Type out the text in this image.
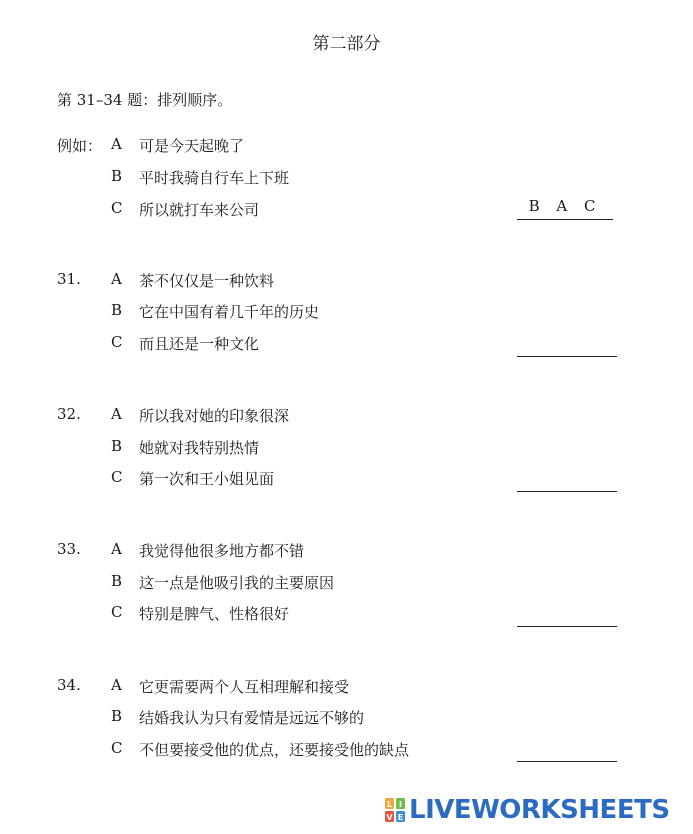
第二部分
第 31–34 题：排列顺序。
例如： A 可是今天起晚了
B 平时我骑自行车上下班
C 所以就打车来公司	B A C
31. A 茶不仅仅是一种饮料
B 它在中国有着几千年的历史
C 而且还是一种文化
32. A 所以我对她的印象很深
B 她就对我特别热情
C 第一次和王小姐见面
33. A 我觉得他很多地方都不错
B 这一点是他吸引我的主要原因
C 特别是脾气、性格很好
34. A 它更需要两个人互相理解和接受
B 结婚我认为只有爱情是远远不够的
C 不但要接受他的优点，还要接受他的缺点
L I
V E LIVEWORKSHEETS
